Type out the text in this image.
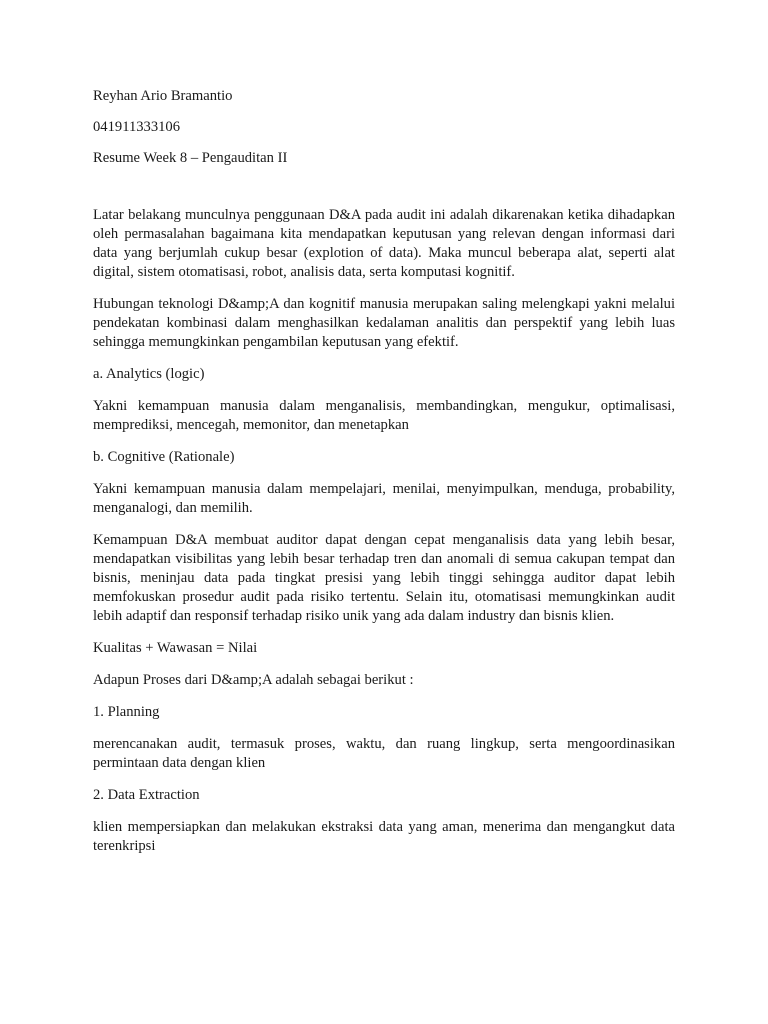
Reyhan Ario Bramantio

041911333106

Resume Week 8 – Pengauditan II

Latar belakang munculnya penggunaan D&A pada audit ini adalah dikarenakan ketika dihadapkan oleh permasalahan bagaimana kita mendapatkan keputusan yang relevan dengan informasi dari data yang berjumlah cukup besar (explotion of data). Maka muncul beberapa alat, seperti alat digital, sistem otomatisasi, robot, analisis data, serta komputasi kognitif.

Hubungan teknologi D&amp;A dan kognitif manusia merupakan saling melengkapi yakni melalui pendekatan kombinasi dalam menghasilkan kedalaman analitis dan perspektif yang lebih luas sehingga memungkinkan pengambilan keputusan yang efektif.

a. Analytics (logic)

Yakni kemampuan manusia dalam menganalisis, membandingkan, mengukur, optimalisasi, memprediksi, mencegah, memonitor, dan menetapkan

b. Cognitive (Rationale)

Yakni kemampuan manusia dalam mempelajari, menilai, menyimpulkan, menduga, probability, menganalogi, dan memilih.

Kemampuan D&A membuat auditor dapat dengan cepat menganalisis data yang lebih besar, mendapatkan visibilitas yang lebih besar terhadap tren dan anomali di semua cakupan tempat dan bisnis, meninjau data pada tingkat presisi yang lebih tinggi sehingga auditor dapat lebih memfokuskan prosedur audit pada risiko tertentu. Selain itu, otomatisasi memungkinkan audit lebih adaptif dan responsif terhadap risiko unik yang ada dalam industry dan bisnis klien.

Kualitas + Wawasan = Nilai

Adapun Proses dari D&amp;A adalah sebagai berikut :

1. Planning

merencanakan audit, termasuk proses, waktu, dan ruang lingkup, serta mengoordinasikan permintaan data dengan klien

2. Data Extraction

klien mempersiapkan dan melakukan ekstraksi data yang aman, menerima dan mengangkut data terenkripsi
